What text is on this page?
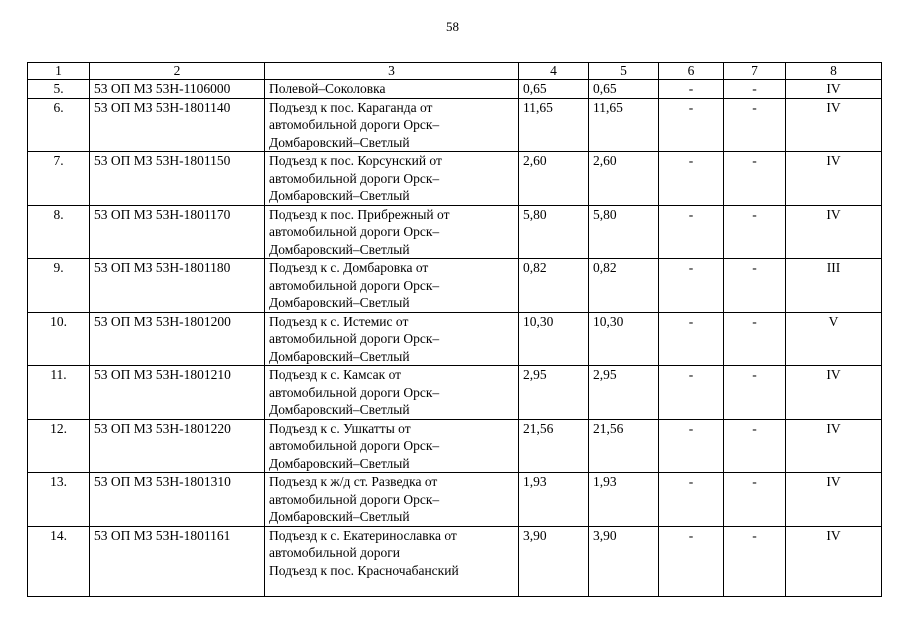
58
1	2	3	4	5	6	7	8
5.	53 ОП МЗ 53Н-1106000	Полевой–Соколовка	0,65	0,65	-	-	IV
6.	53 ОП МЗ 53Н-1801140	Подъезд к пос. Караганда от
автомобильной дороги Орск–
Домбаровский–Светлый	11,65	11,65	-	-	IV
7.	53 ОП МЗ 53Н-1801150	Подъезд к пос. Корсунский от
автомобильной дороги Орск–
Домбаровский–Светлый	2,60	2,60	-	-	IV
8.	53 ОП МЗ 53Н-1801170	Подъезд к пос. Прибрежный от
автомобильной дороги Орск–
Домбаровский–Светлый	5,80	5,80	-	-	IV
9.	53 ОП МЗ 53Н-1801180	Подъезд к с. Домбаровка от
автомобильной дороги Орск–
Домбаровский–Светлый	0,82	0,82	-	-	III
10.	53 ОП МЗ 53Н-1801200	Подъезд к с. Истемис от
автомобильной дороги Орск–
Домбаровский–Светлый	10,30	10,30	-	-	V
11.	53 ОП МЗ 53Н-1801210	Подъезд к с. Камсак от
автомобильной дороги Орск–
Домбаровский–Светлый	2,95	2,95	-	-	IV
12.	53 ОП МЗ 53Н-1801220	Подъезд к с. Ушкатты от
автомобильной дороги Орск–
Домбаровский–Светлый	21,56	21,56	-	-	IV
13.	53 ОП МЗ 53Н-1801310	Подъезд к ж/д ст. Разведка от
автомобильной дороги Орск–
Домбаровский–Светлый	1,93	1,93	-	-	IV
14.	53 ОП МЗ 53Н-1801161	Подъезд к с. Екатеринославка от
автомобильной дороги
Подъезд к пос. Красночабанский	3,90	3,90	-	-	IV
